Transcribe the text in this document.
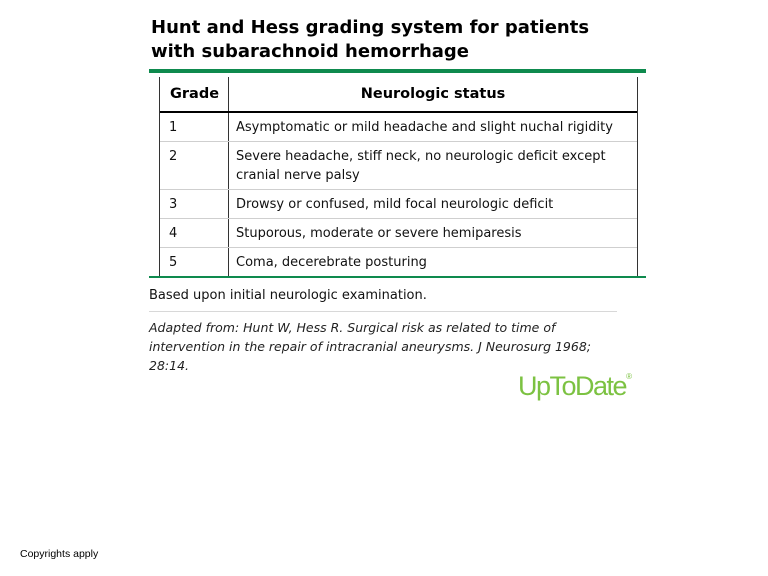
Hunt and Hess grading system for patients with subarachnoid hemorrhage
Grade	Neurologic status
1	Asymptomatic or mild headache and slight nuchal rigidity
2	Severe headache, stiff neck, no neurologic deficit except cranial nerve palsy
3	Drowsy or confused, mild focal neurologic deficit
4	Stuporous, moderate or severe hemiparesis
5	Coma, decerebrate posturing
Based upon initial neurologic examination.
Adapted from: Hunt W, Hess R. Surgical risk as related to time of intervention in the repair of intracranial aneurysms. J Neurosurg 1968; 28:14.
UpToDate®
Copyrights apply
